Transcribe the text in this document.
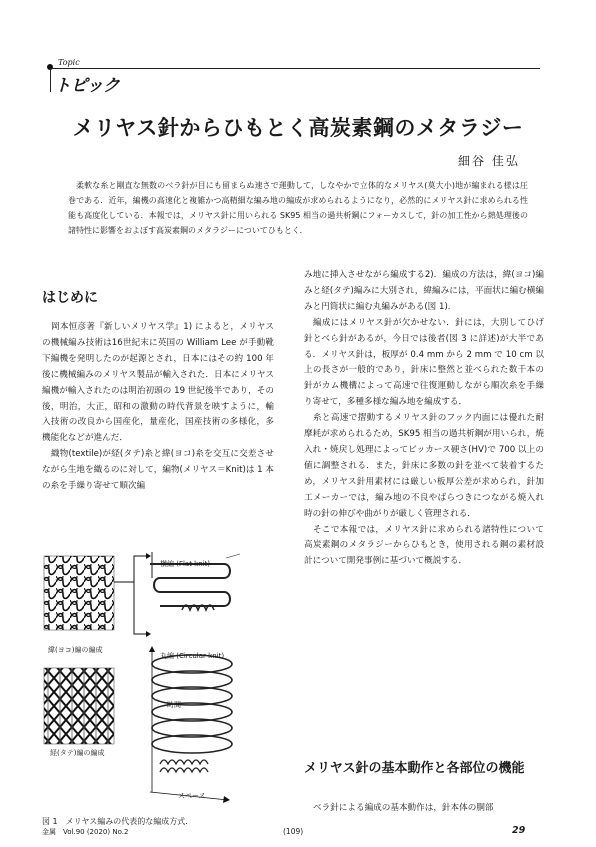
Topic
トピック
メリヤス針からひもとく高炭素鋼のメタラジー
細谷 佳弘
柔軟な糸と剛直な無数のベラ針が目にも留まらぬ速さで運動して，しなやかで立体的なメリヤス(莫大小)地が編まれる様は圧巻である．近年，編機の高速化と複雑かつ高精細な編み地の編成が求められるようになり，必然的にメリヤス針に求められる性能も高度化している．本報では，メリヤス針に用いられる SK95 相当の過共析鋼にフォーカスして，針の加工性から熱処理後の諸特性に影響をおよぼす高炭素鋼のメタラジーについてひもとく．
はじめに

岡本恒彦著『新しいメリヤス学』1) によると，メリヤスの機械編み技術は16世紀末に英国の William Lee が手動靴下編機を発明したのが起源とされ，日本にはその約 100 年後に機械編みのメリヤス製品が輸入された．日本にメリヤス編機が輸入されたのは明治初頭の 19 世紀後半であり，その後，明治，大正，昭和の激動の時代背景を映すように，輸入技術の改良から国産化，量産化，国産技術の多様化，多機能化などが進んだ．

織物(textile)が経(タテ)糸と緯(ヨコ)糸を交互に交差させながら生地を織るのに対して，編物(メリヤス＝Knit)は 1 本の糸を手繰り寄せて順次編

緯(ヨコ)編の編成
経(タテ)編の編成
横編 (Flat knit)
丸編 (Circular knit)
時間
スペース
図 1　メリヤス編みの代表的な編成方式．

み地に挿入させながら編成する2)．編成の方法は，緯(ヨコ)編みと経(タテ)編みに大別され，緯編みには，平面状に編む横編みと円筒状に編む丸編みがある(図 1)．

編成にはメリヤス針が欠かせない．針には，大別してひげ針とべら針があるが，今日では後者(図 3 に詳述)が大半である．メリヤス針は，板厚が 0.4 mm から 2 mm で 10 cm 以上の長さが一般的であり，針床に整然と並べられた数千本の針がカム機構によって高速で往復運動しながら順次糸を手繰り寄せて，多種多様な編み地を編成する．

糸と高速で摺動するメリヤス針のフック内面には優れた耐摩耗が求められるため，SK95 相当の過共析鋼が用いられ，焼入れ・焼戻し処理によってビッカース硬さ(HV)で 700 以上の値に調整される．また，針床に多数の針を並べて装着するため，メリヤス針用素材には厳しい板厚公差が求められ，針加工メーカーでは，編み地の不良やばらつきにつながる焼入れ時の針の伸びや曲がりが厳しく管理される．

そこで本報では，メリヤス針に求められる諸特性について高炭素鋼のメタラジーからひもとき，使用される鋼の素材設計について開発事例に基づいて概説する．

メリヤス針の基本動作と各部位の機能

ベラ針による編成の基本動作は，針本体の胴部

金属　Vol.90 (2020) No.2	(109)	29
